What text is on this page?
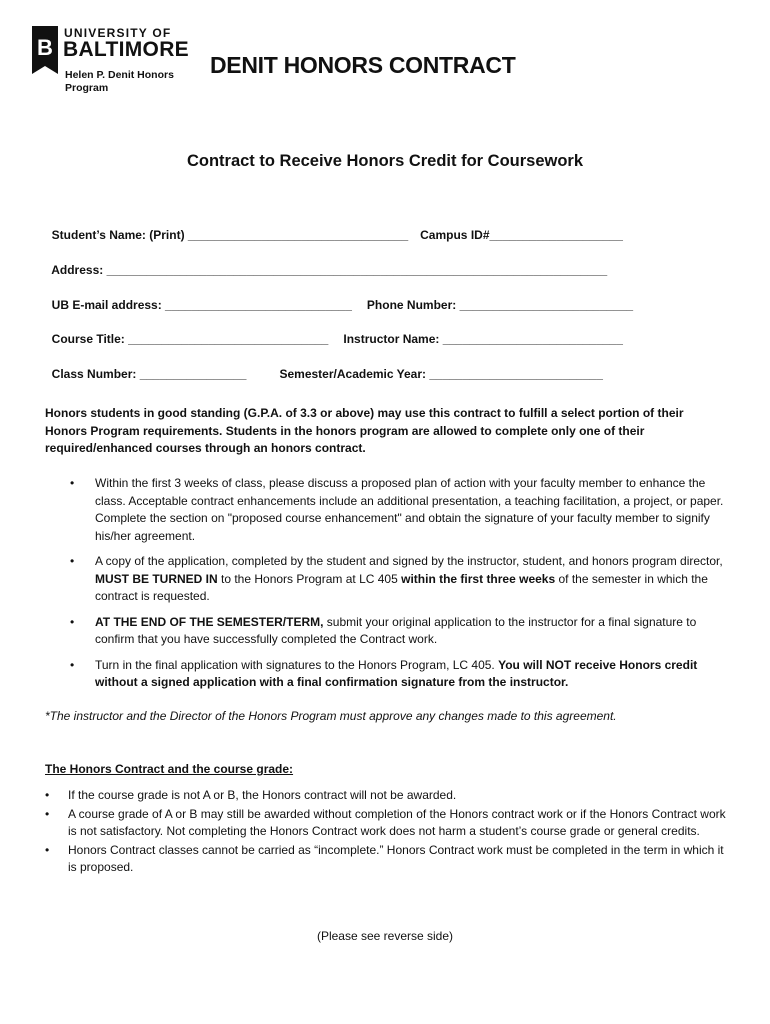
B
UNIVERSITY OF
BALTIMORE
Helen P. Denit Honors
Program
DENIT HONORS CONTRACT
Contract to Receive Honors Credit for Coursework

Student’s Name: (Print) _________________________________ Campus ID#____________________

Address: ___________________________________________________________________________

UB E-mail address: ____________________________ Phone Number: __________________________

Course Title: ______________________________ Instructor Name: ___________________________

Class Number: ________________	Semester/Academic Year: __________________________

Honors students in good standing (G.P.A. of 3.3 or above) may use this contract to fulfill a select portion of their Honors Program requirements. Students in the honors program are allowed to complete only one of their required/enhanced courses through an honors contract.

• Within the first 3 weeks of class, please discuss a proposed plan of action with your faculty member to enhance the class. Acceptable contract enhancements include an additional presentation, a teaching facilitation, a project, or paper. Complete the section on "proposed course enhancement" and obtain the signature of your faculty member to signify his/her agreement.
• A copy of the application, completed by the student and signed by the instructor, student, and honors program director, MUST BE TURNED IN to the Honors Program at LC 405 within the first three weeks of the semester in which the contract is requested.
• AT THE END OF THE SEMESTER/TERM, submit your original application to the instructor for a final signature to confirm that you have successfully completed the Contract work.
• Turn in the final application with signatures to the Honors Program, LC 405. You will NOT receive Honors credit without a signed application with a final confirmation signature from the instructor.

*The instructor and the Director of the Honors Program must approve any changes made to this agreement.

The Honors Contract and the course grade:

• If the course grade is not A or B, the Honors contract will not be awarded.
• A course grade of A or B may still be awarded without completion of the Honors contract work or if the Honors Contract work is not satisfactory. Not completing the Honors Contract work does not harm a student’s course grade or general credits.
• Honors Contract classes cannot be carried as “incomplete.” Honors Contract work must be completed in the term in which it is proposed.

(Please see reverse side)
